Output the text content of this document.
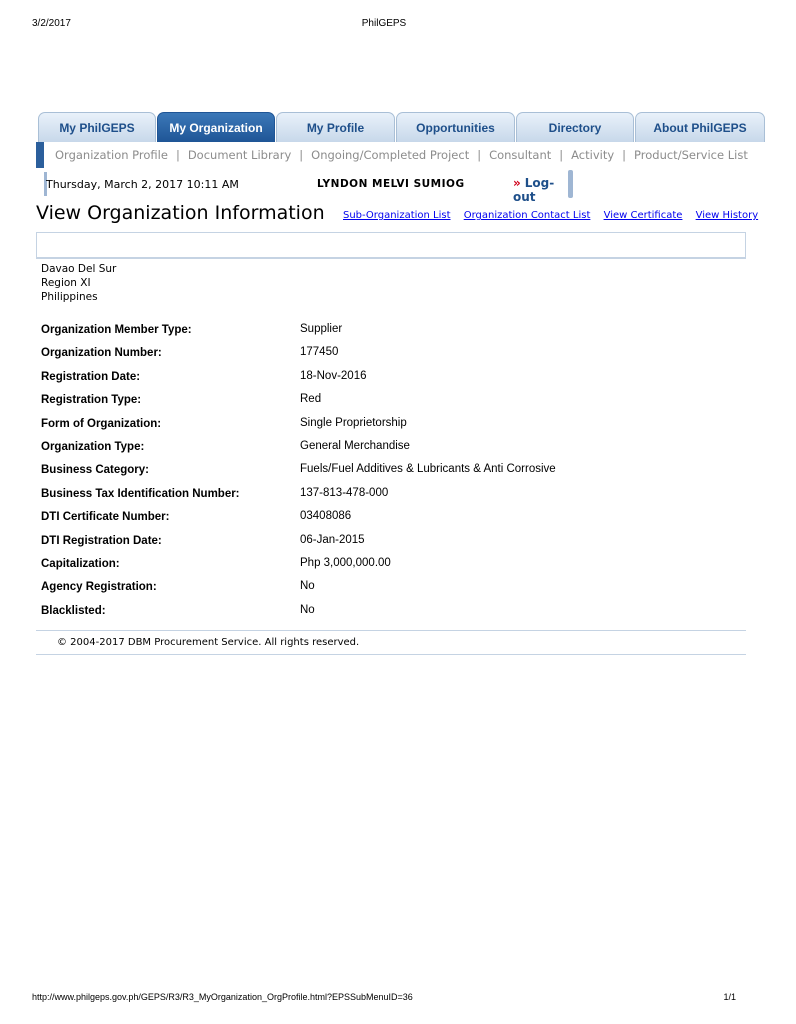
3/2/2017	PhilGEPS
My PhilGEPS	My Organization	My Profile	Opportunities	Directory	About PhilGEPS
Organization Profile | Document Library | Ongoing/Completed Project | Consultant | Activity | Product/Service List
Thursday, March 2, 2017 10:11 AM	LYNDON MELVI SUMIOG	» Log-out
View Organization Information Sub-Organization List Organization Contact List View Certificate View History
Davao Del Sur
Region XI
Philippines
Organization Member Type:	Supplier
Organization Number:	177450
Registration Date:	18-Nov-2016
Registration Type:	Red
Form of Organization:	Single Proprietorship
Organization Type:	General Merchandise
Business Category:	Fuels/Fuel Additives & Lubricants & Anti Corrosive
Business Tax Identification Number:	137-813-478-000
DTI Certificate Number:	03408086
DTI Registration Date:	06-Jan-2015
Capitalization:	Php 3,000,000.00
Agency Registration:	No
Blacklisted:	No
© 2004-2017 DBM Procurement Service. All rights reserved.
http://www.philgeps.gov.ph/GEPS/R3/R3_MyOrganization_OrgProfile.html?EPSSubMenuID=36	1/1
